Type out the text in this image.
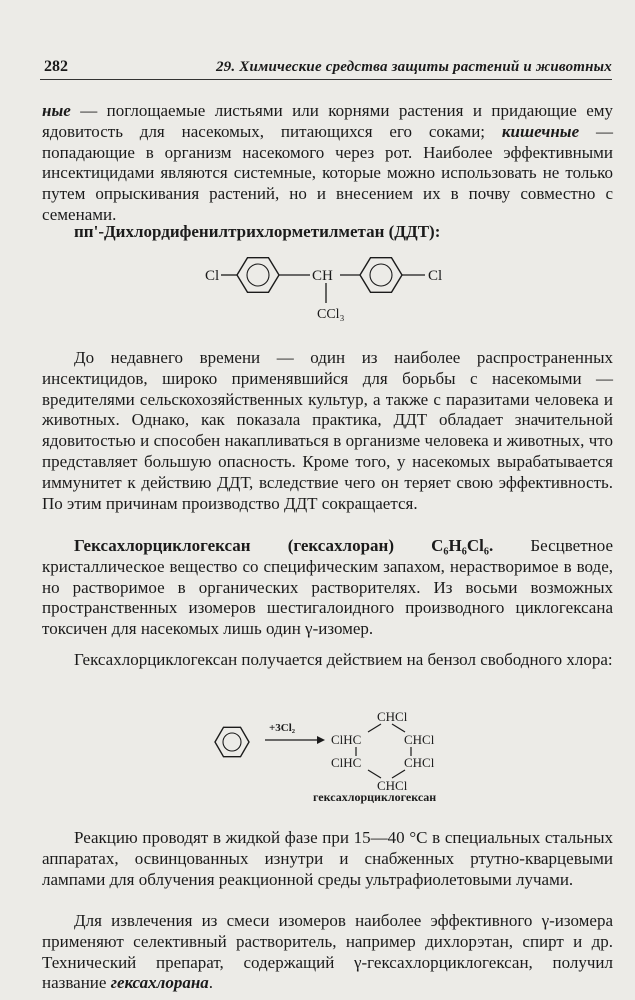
282	29. Химические средства защиты растений и животных

ные — поглощаемые листьями или корнями растения и придающие ему ядовитость для насекомых, питающихся его соками; кишечные — попадающие в организм насекомого через рот. Наиболее эффективными инсектицидами являются системные, которые можно использовать не только путем опрыскивания растений, но и внесением их в почву совместно с семенами.

пп'-Дихлордифенилтрихлорметилметан (ДДТ):
Cl	CH	Cl
CCl₃
До недавнего времени — один из наиболее распространенных инсектицидов, широко применявшийся для борьбы с насекомыми — вредителями сельскохозяйственных культур, а также с паразитами человека и животных. Однако, как показала практика, ДДТ обладает значительной ядовитостью и способен накапливаться в организме человека и животных, что представляет большую опасность. Кроме того, у насекомых вырабатывается иммунитет к действию ДДТ, вследствие чего он теряет свою эффективность. По этим причинам производство ДДТ сокращается.
Гексахлорциклогексан (гексахлоран) C₆H₆Cl₆. Бесцветное кристаллическое вещество со специфическим запахом, нерастворимое в воде, но растворимое в органических растворителях. Из восьми возможных пространственных изомеров шестигалоидного производного циклогексана токсичен для насекомых лишь один γ-изомер.
Гексахлорциклогексан получается действием на бензол свободного хлора:
+3Cl₂
CHCl
ClHC	CHCl
ClHC	CHCl
CHCl
гексахлорциклогексан
Реакцию проводят в жидкой фазе при 15—40 °С в специальных стальных аппаратах, освинцованных изнутри и снабженных ртутно-кварцевыми лампами для облучения реакционной среды ультрафиолетовыми лучами.
Для извлечения из смеси изомеров наиболее эффективного γ-изомера применяют селективный растворитель, например дихлорэтан, спирт и др. Технический препарат, содержащий γ-гексахлорциклогексан, получил название гексахлорана.
